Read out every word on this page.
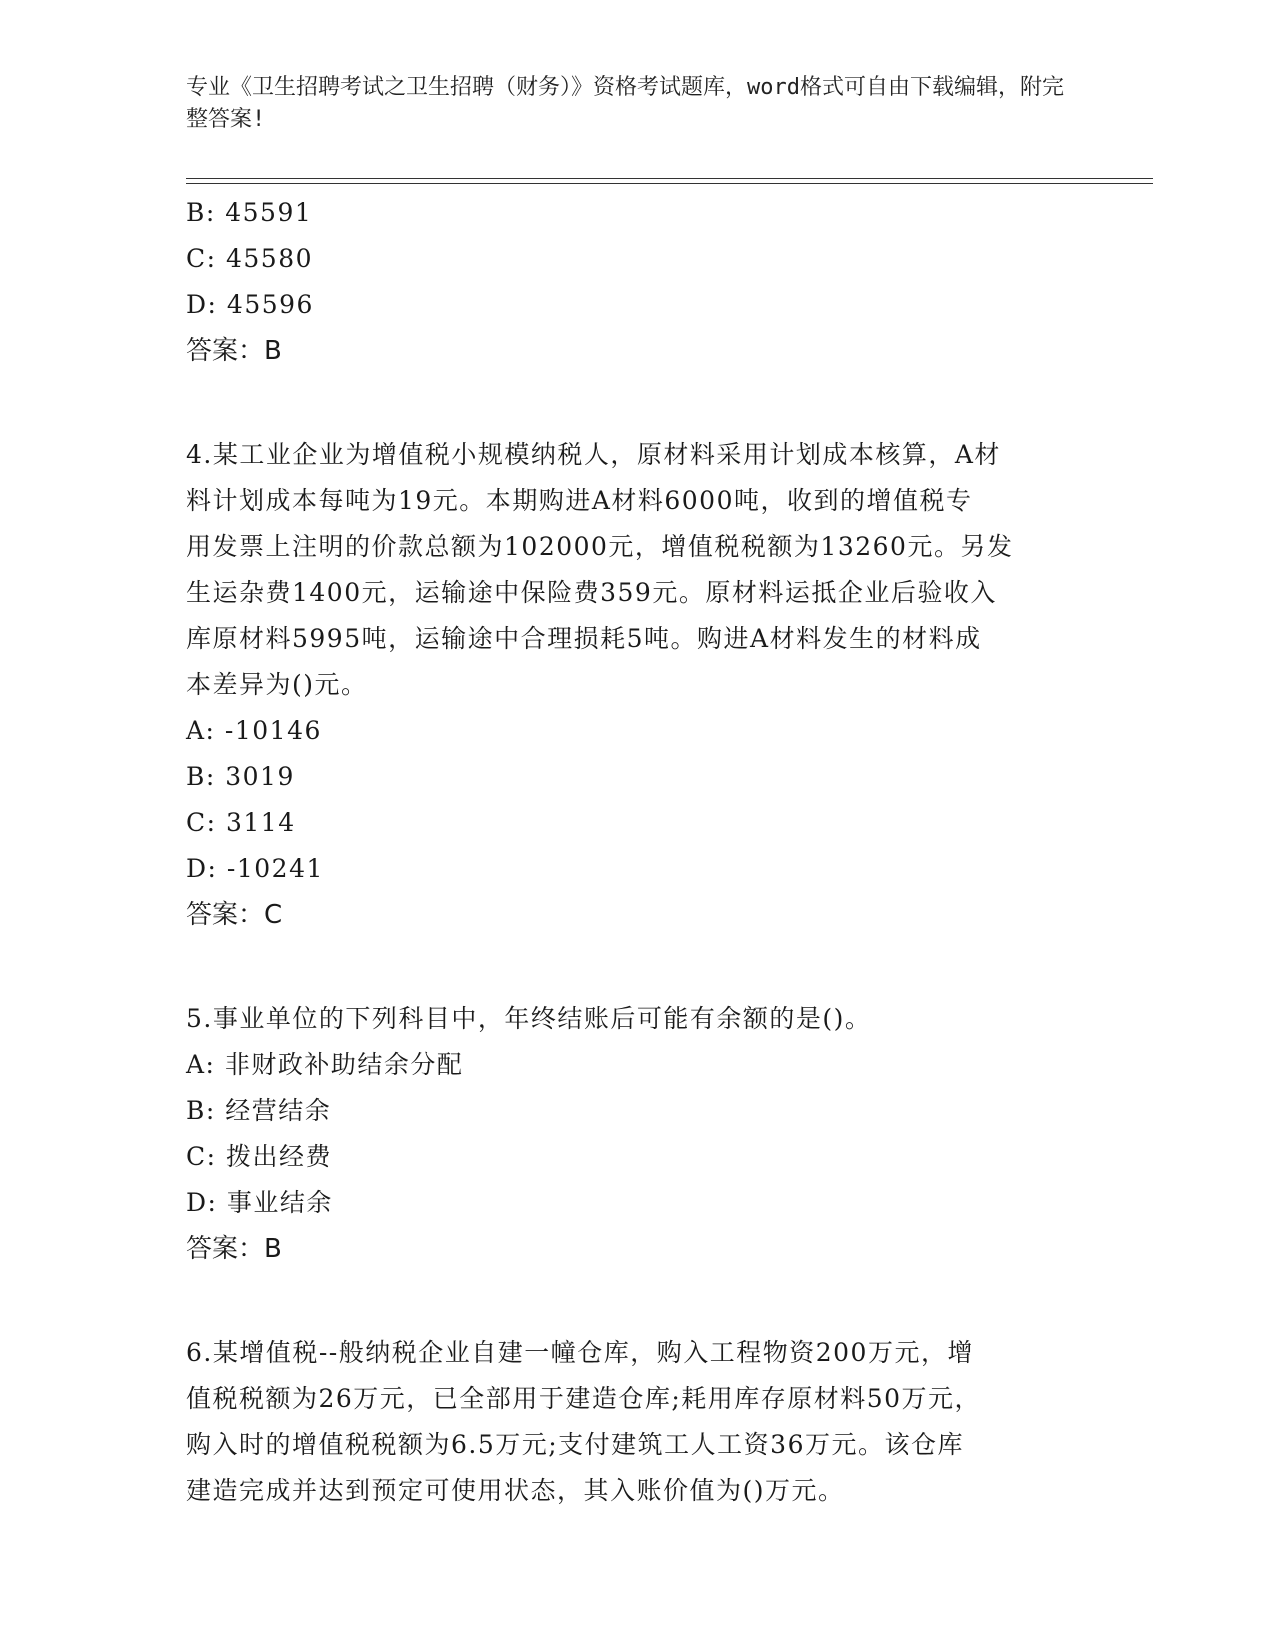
专业《卫生招聘考试之卫生招聘（财务）》资格考试题库，word格式可自由下载编辑，附完整答案!
B: 45591
C: 45580
D: 45596
答案：B
4.某工业企业为增值税小规模纳税人，原材料采用计划成本核算，A材
料计划成本每吨为19元。本期购进A材料6000吨，收到的增值税专
用发票上注明的价款总额为102000元，增值税税额为13260元。另发
生运杂费1400元，运输途中保险费359元。原材料运抵企业后验收入
库原材料5995吨，运输途中合理损耗5吨。购进A材料发生的材料成
本差异为()元。
A: -10146
B: 3019
C: 3114
D: -10241
答案：C
5.事业单位的下列科目中，年终结账后可能有余额的是()。
A: 非财政补助结余分配
B: 经营结余
C: 拨出经费
D: 事业结余
答案：B
6.某增值税--般纳税企业自建一幢仓库，购入工程物资200万元，增
值税税额为26万元，已全部用于建造仓库;耗用库存原材料50万元，
购入时的增值税税额为6.5万元;支付建筑工人工资36万元。该仓库
建造完成并达到预定可使用状态，其入账价值为()万元。
